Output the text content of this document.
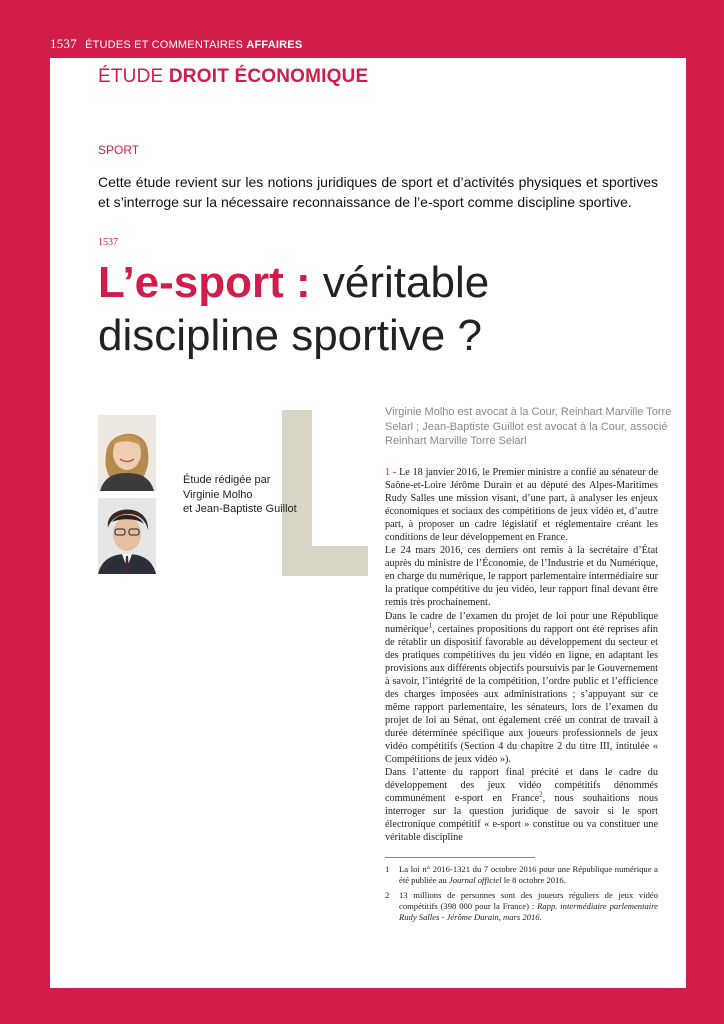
1537 ÉTUDES ET COMMENTAIRES AFFAIRES
ÉTUDE DROIT ÉCONOMIQUE
SPORT
Cette étude revient sur les notions juridiques de sport et d’activités physiques et sportives et s’interroge sur la nécessaire reconnaissance de l’e-sport comme discipline sportive.
1537
L’e-sport : véritable
discipline sportive ?
Étude rédigée par
Virginie Molho
et Jean-Baptiste Guillot
Virginie Molho est avocat à la Cour, Reinhart Marville Torre Selarl ; Jean-Baptiste Guillot est avocat à la Cour, associé Reinhart Marville Torre Selarl

1 - Le 18 janvier 2016, le Premier ministre a confié au sénateur de Saône-et-Loire Jérôme Durain et au député des Alpes-Maritimes Rudy Salles une mission visant, d’une part, à analyser les enjeux économiques et sociaux des compétitions de jeux vidéo et, d’autre part, à proposer un cadre législatif et réglementaire créant les conditions de leur développement en France.

Le 24 mars 2016, ces derniers ont remis à la secrétaire d’État auprès du ministre de l’Économie, de l’Industrie et du Numérique, en charge du numérique, le rapport parlementaire intermédiaire sur la pratique compétitive du jeu vidéo, leur rapport final devant être remis très prochainement.

Dans le cadre de l’examen du projet de loi pour une République numérique$^1$, certaines propositions du rapport ont été reprises afin de rétablir un dispositif favorable au développement du secteur et des pratiques compétitives du jeu vidéo en ligne, en adaptant les provisions aux différents objectifs poursuivis par le Gouvernement à savoir, l’intégrité de la compétition, l’ordre public et l’efficience des charges imposées aux administrations ; s’appuyant sur ce même rapport parlementaire, les sénateurs, lors de l’examen du projet de loi au Sénat, ont également créé un contrat de travail à durée déterminée spécifique aux joueurs professionnels de jeux vidéo compétitifs (Section 4 du chapitre 2 du titre III, intitulée « Compétitions de jeux vidéo »).

Dans l’attente du rapport final précité et dans le cadre du développement des jeux vidéo compétitifs dénommés communément e-sport en France$^2$, nous souhaitions nous interroger sur la question juridique de savoir si le sport électronique compétitif « e-sport » constitue ou va constituer une véritable discipline

1	La loi n° 2016-1321 du 7 octobre 2016 pour une République numérique a été publiée au Journal officiel le 8 octobre 2016.
2	13 millions de personnes sont des joueurs réguliers de jeux vidéo compétitifs (398 000 pour la France) : Rapp. intermédiaire parlementaire Rudy Salles - Jérôme Durain, mars 2016.
Page 22	LA SEMAINE JURIDIQUE - ENTREPRISE ET AFFAIRES - N° 41 - 13 OCTOBRE 2016
